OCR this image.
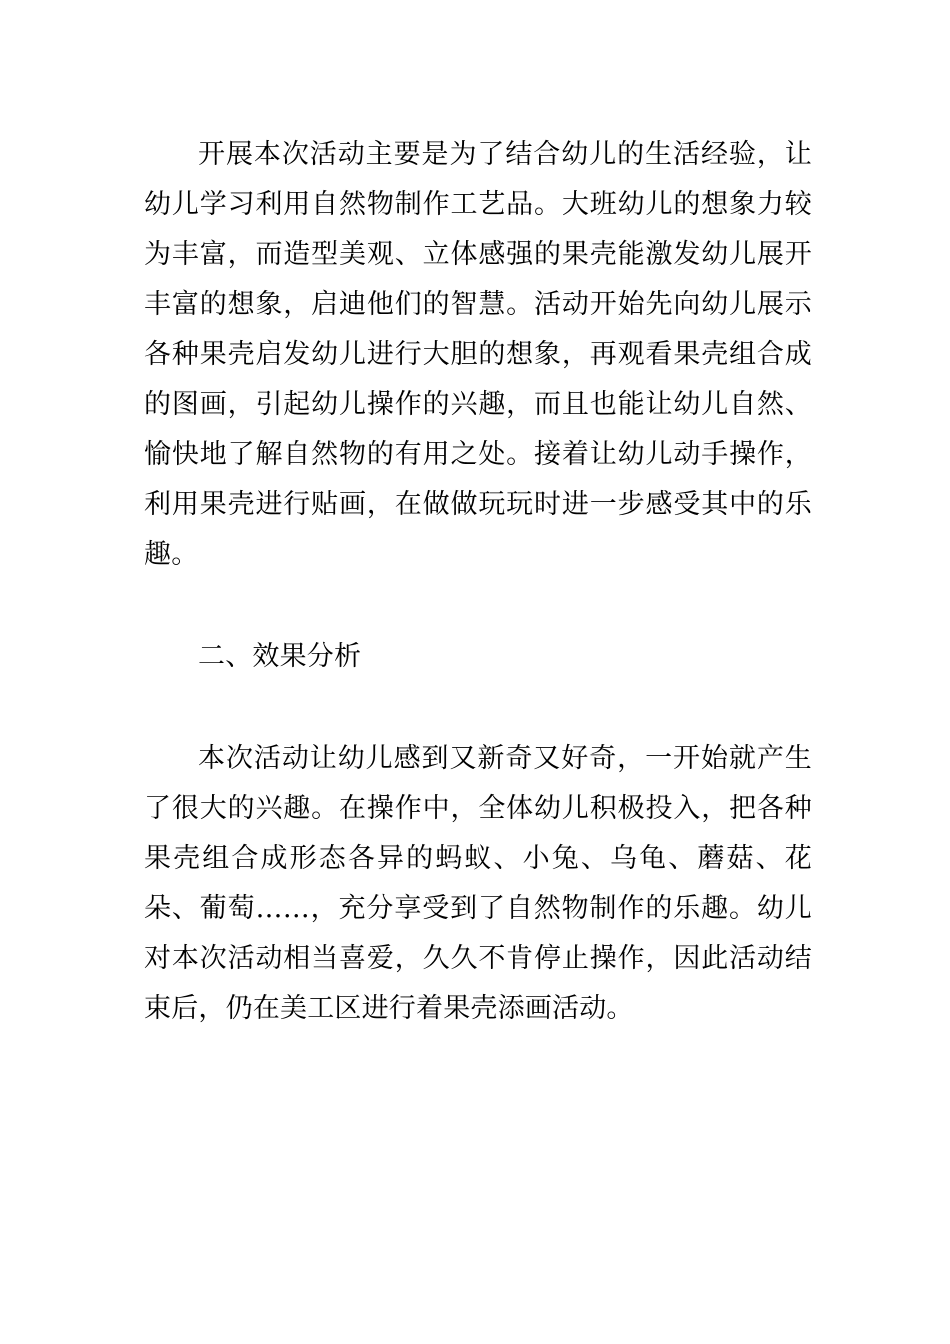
开展本次活动主要是为了结合幼儿的生活经验，让幼儿学习利用自然物制作工艺品。大班幼儿的想象力较为丰富，而造型美观、立体感强的果壳能激发幼儿展开丰富的想象，启迪他们的智慧。活动开始先向幼儿展示各种果壳启发幼儿进行大胆的想象，再观看果壳组合成的图画，引起幼儿操作的兴趣，而且也能让幼儿自然、愉快地了解自然物的有用之处。接着让幼儿动手操作，利用果壳进行贴画，在做做玩玩时进一步感受其中的乐趣。

二、效果分析

本次活动让幼儿感到又新奇又好奇，一开始就产生了很大的兴趣。在操作中，全体幼儿积极投入，把各种果壳组合成形态各异的蚂蚁、小兔、乌龟、蘑菇、花朵、葡萄……，充分享受到了自然物制作的乐趣。幼儿对本次活动相当喜爱，久久不肯停止操作，因此活动结束后，仍在美工区进行着果壳添画活动。
